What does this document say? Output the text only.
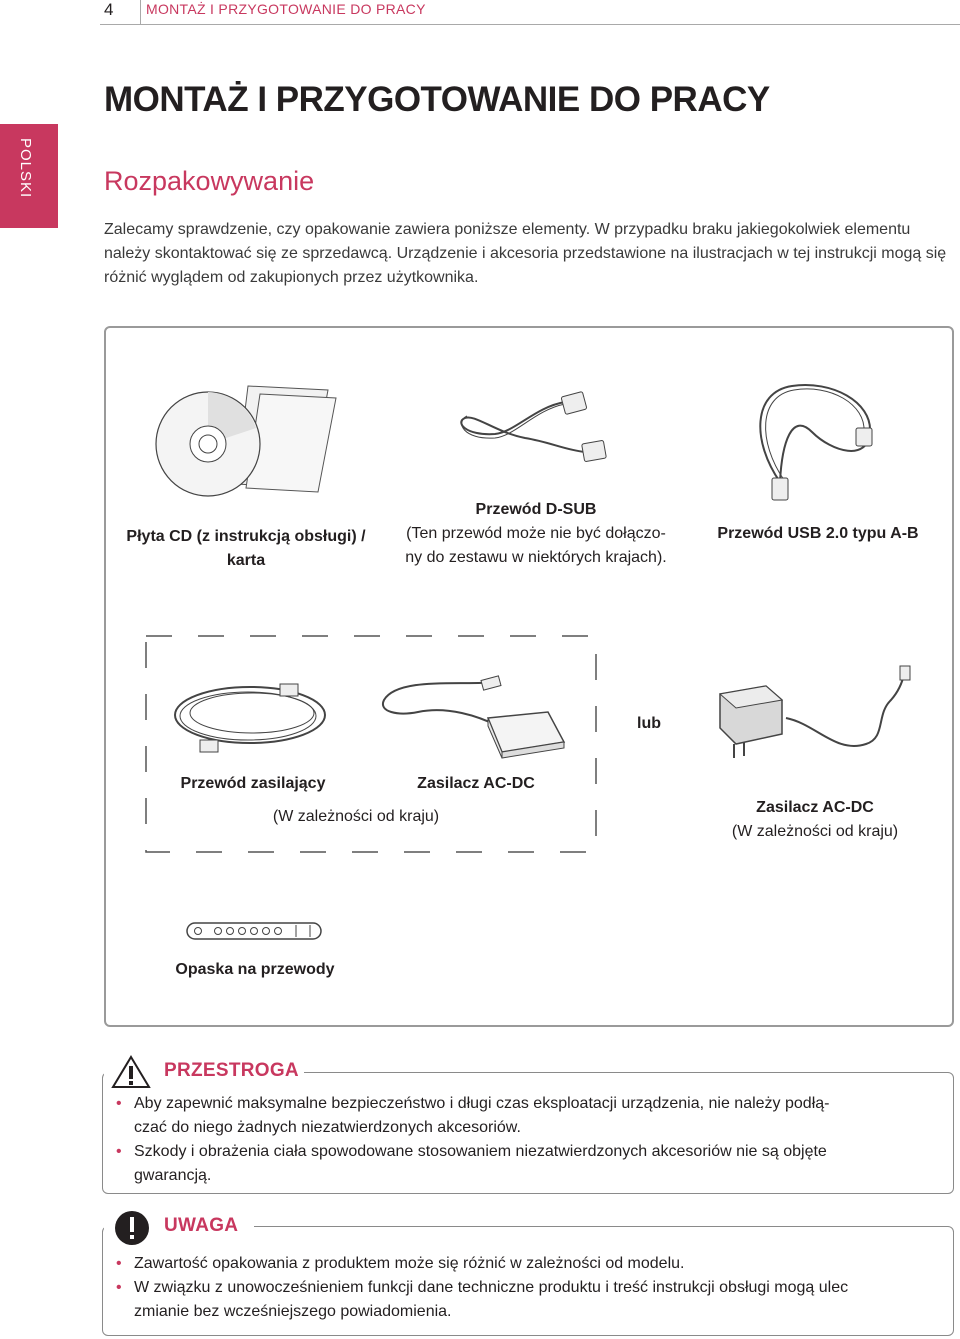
4 MONTAŻ I PRZYGOTOWANIE DO PRACY
POLSKI
MONTAŻ I PRZYGOTOWANIE DO PRACY
Rozpakowywanie
Zalecamy sprawdzenie, czy opakowanie zawiera poniższe elementy. W przypadku braku jakiegokolwiek elementu należy skontaktować się ze sprzedawcą. Urządzenie i akcesoria przedstawione na ilustracjach w tej instrukcji mogą się różnić wyglądem od zakupionych przez użytkownika.
Płyta CD (z instrukcją obsługi) /
karta
Przewód D-SUB
(Ten przewód może nie być dołączo-
ny do zestawu w niektórych krajach).
Przewód USB 2.0 typu A-B
Przewód zasilający	Zasilacz AC-DC
(W zależności od kraju)
lub
Zasilacz AC-DC
(W zależności od kraju)
Opaska na przewody
PRZESTROGA
• Aby zapewnić maksymalne bezpieczeństwo i długi czas eksploatacji urządzenia, nie należy podłą-
czać do niego żadnych niezatwierdzonych akcesoriów.
• Szkody i obrażenia ciała spowodowane stosowaniem niezatwierdzonych akcesoriów nie są objęte
gwarancją.
UWAGA
• Zawartość opakowania z produktem może się różnić w zależności od modelu.
• W związku z unowocześnieniem funkcji dane techniczne produktu i treść instrukcji obsługi mogą ulec
zmianie bez wcześniejszego powiadomienia.
